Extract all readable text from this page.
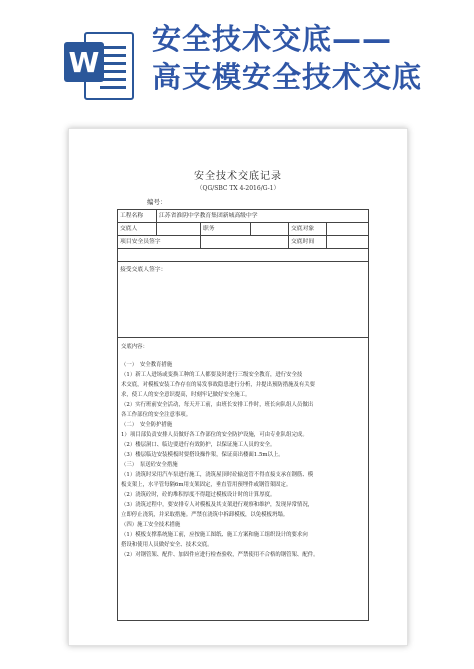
W
安全技术交底——
高支模安全技术交底
安全技术交底记录
（QG/SBC TX 4-2016/G-1）
编号：
工程名称	江苏省淮阴中学教育集团新城高级中学
交底人	职务	交底对象
项目安全员签字	交底时间
接受交底人签字：

交底内容：

（一）　安全教育措施

（1）新工人进场或变换工种的工人都要及时进行三级安全教育，进行安全技

术交底，对模板安装工作存在的易发事故隐患进行分析，并提出预防措施及有关要

求，使工人的安全意识提高，时刻牢记做好安全施工。

（2）实行班前安全活动，每天开工前，由班长安排工作时，班长向队组人员做出

各工作部位的安全注意事项。

（二）　安全防护措施

1）项目部负责安排人员做好各工作部位的安全防护设施，可由专业队组完成。

（2）楼层洞口、临边要进行有效防护，以保证施工人员的安全。

（3）楼层临边安装模板时要搭设操作架，保证高出楼面1.5m以上。

（三）　泵送砼安全措施

（1）浇筑时采用汽车泵进行施工，浇筑屋顶时砼输送管不得直接支承在钢筋、模

板支架上，水平管每隔6m用支架固定，垂直管用预埋件或钢管架固定。

（2）浇筑砼时，砼的堆积厚度不得超过模板设计时的计算厚度。

（3）浇筑过程中，要安排专人对模板及其支架进行观察和维护，发现异常情况，

立即停止浇筑，并采取措施。严禁在浇筑中拆卸模板，以免模板坍塌。

（四）施工安全技术措施

（1）模板支撑系统施工前，应按施工图纸、施工方案和施工组织设计的要求向

搭设和使用人员做好安全、技术交底。

（2）对钢管架、配件、加固件应进行检查验收，严禁使用不合格的钢管架、配件。
